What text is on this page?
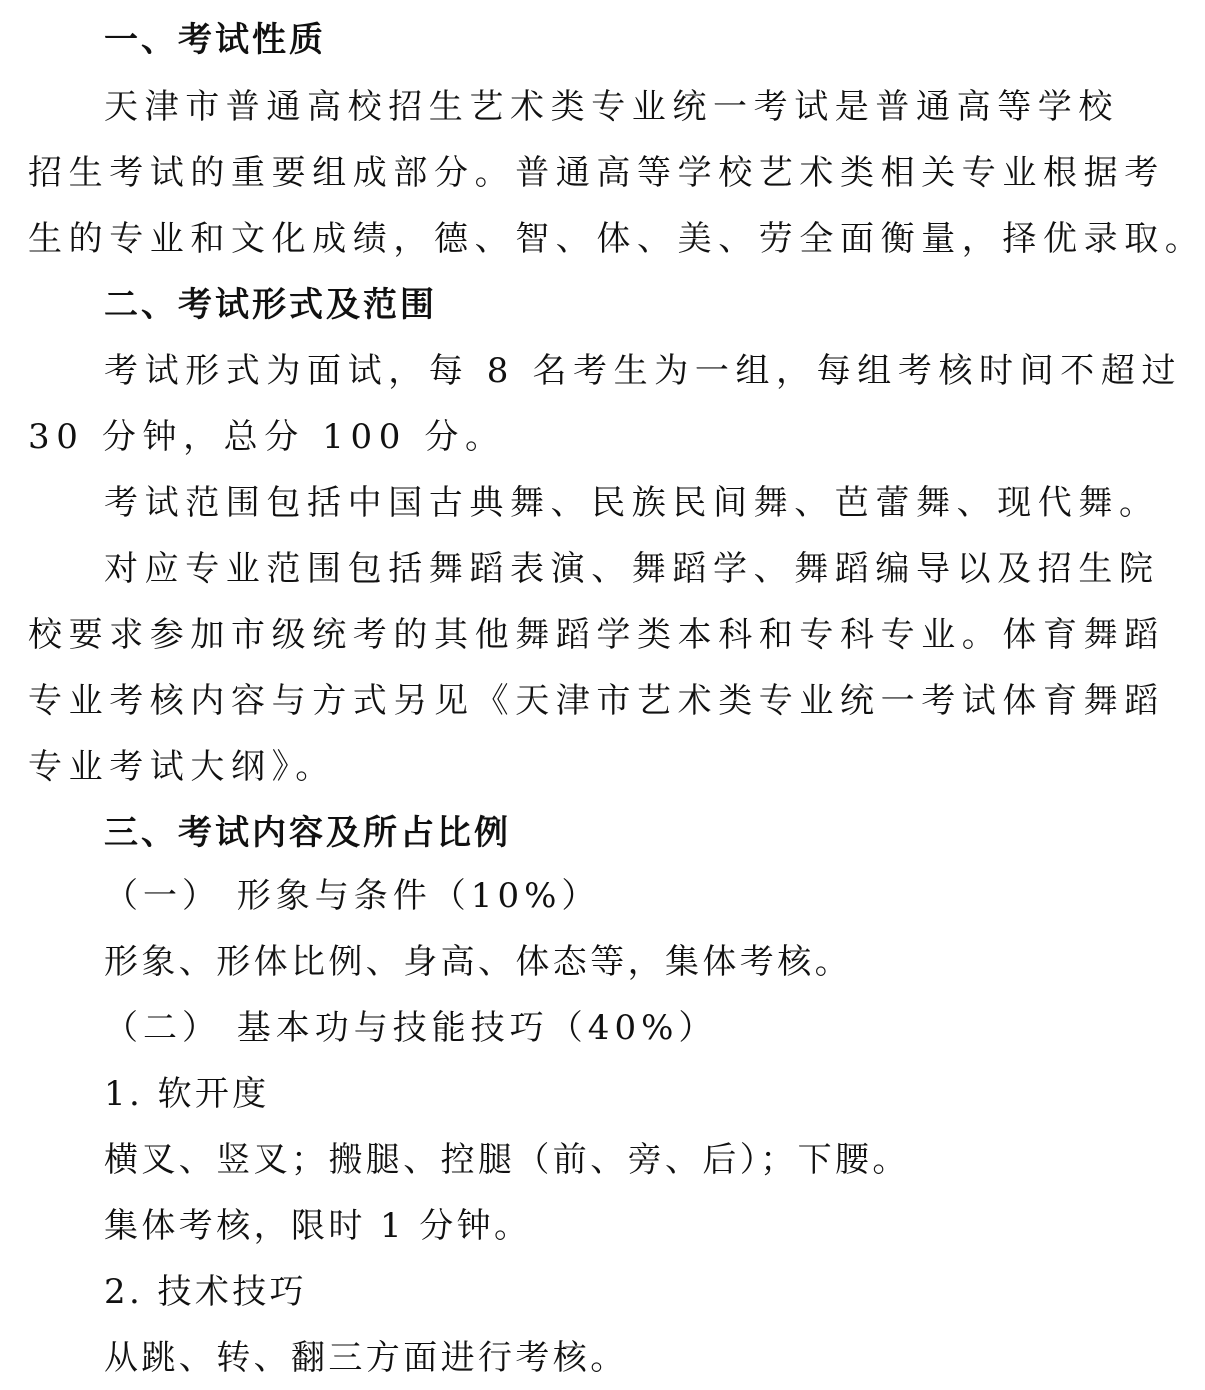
一、考试性质
天津市普通高校招生艺术类专业统一考试是普通高等学校
招生考试的重要组成部分。普通高等学校艺术类相关专业根据考
生的专业和文化成绩，德、智、体、美、劳全面衡量，择优录取。
二、考试形式及范围
考试形式为面试，每 8 名考生为一组，每组考核时间不超过
30 分钟，总分 100 分。
考试范围包括中国古典舞、民族民间舞、芭蕾舞、现代舞。
对应专业范围包括舞蹈表演、舞蹈学、舞蹈编导以及招生院
校要求参加市级统考的其他舞蹈学类本科和专科专业。体育舞蹈
专业考核内容与方式另见《天津市艺术类专业统一考试体育舞蹈
专业考试大纲》。
三、考试内容及所占比例
（一） 形象与条件（10%）
形象、形体比例、身高、体态等，集体考核。
（二） 基本功与技能技巧（40%）
1. 软开度
横叉、竖叉；搬腿、控腿（前、旁、后）；下腰。
集体考核，限时 1 分钟。
2. 技术技巧
从跳、转、翻三方面进行考核。
